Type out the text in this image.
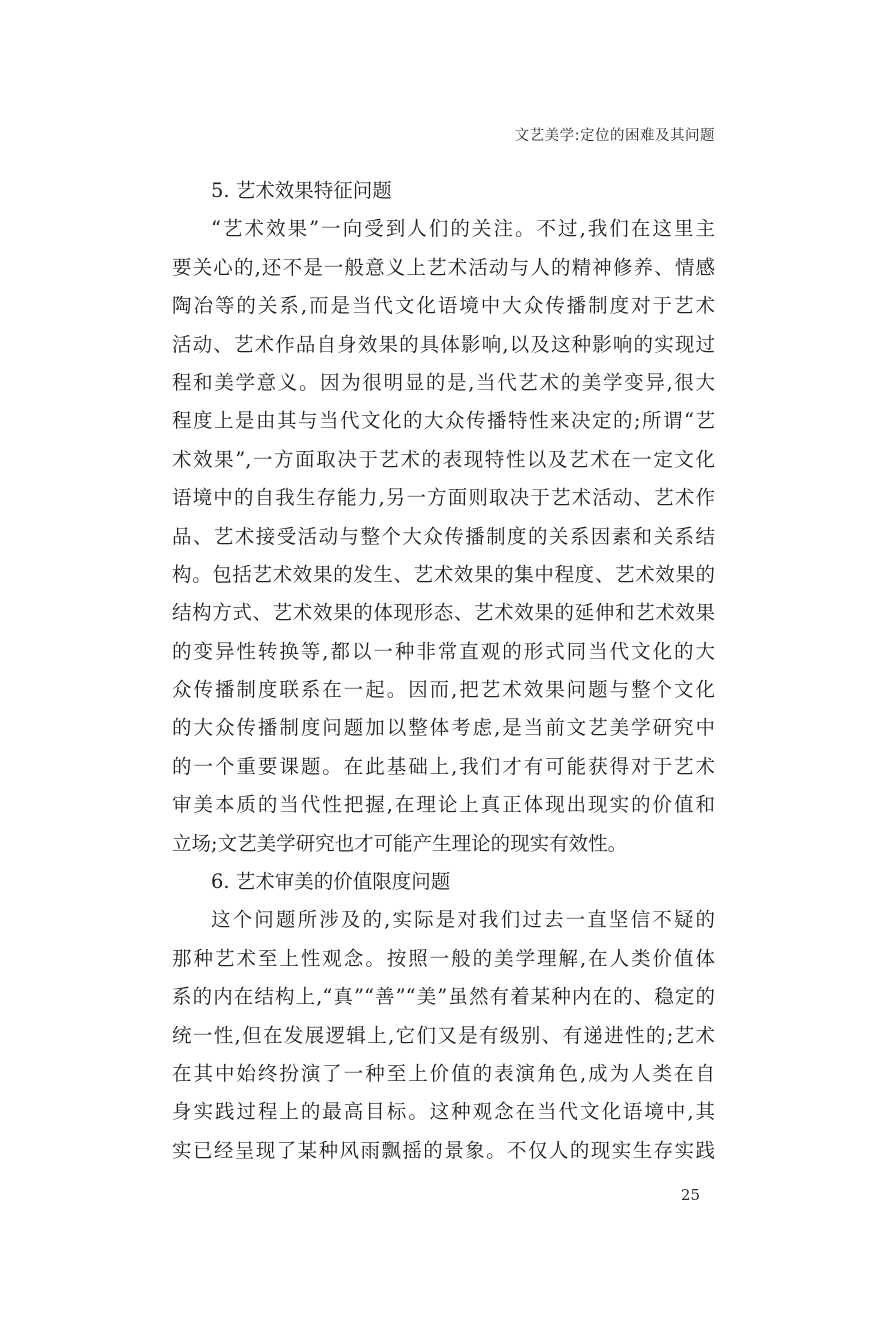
文艺美学:定位的困难及其问题
5. 艺术效果特征问题
“艺术效果”一向受到人们的关注。不过,我们在这里主
要关心的,还不是一般意义上艺术活动与人的精神修养、情感
陶冶等的关系,而是当代文化语境中大众传播制度对于艺术
活动、艺术作品自身效果的具体影响,以及这种影响的实现过
程和美学意义。因为很明显的是,当代艺术的美学变异,很大
程度上是由其与当代文化的大众传播特性来决定的;所谓“艺
术效果”,一方面取决于艺术的表现特性以及艺术在一定文化
语境中的自我生存能力,另一方面则取决于艺术活动、艺术作
品、艺术接受活动与整个大众传播制度的关系因素和关系结
构。包括艺术效果的发生、艺术效果的集中程度、艺术效果的
结构方式、艺术效果的体现形态、艺术效果的延伸和艺术效果
的变异性转换等,都以一种非常直观的形式同当代文化的大
众传播制度联系在一起。因而,把艺术效果问题与整个文化
的大众传播制度问题加以整体考虑,是当前文艺美学研究中
的一个重要课题。在此基础上,我们才有可能获得对于艺术
审美本质的当代性把握,在理论上真正体现出现实的价值和
立场;文艺美学研究也才可能产生理论的现实有效性。
6. 艺术审美的价值限度问题
这个问题所涉及的,实际是对我们过去一直坚信不疑的
那种艺术至上性观念。按照一般的美学理解,在人类价值体
系的内在结构上,“真”“善”“美”虽然有着某种内在的、稳定的
统一性,但在发展逻辑上,它们又是有级别、有递进性的;艺术
在其中始终扮演了一种至上价值的表演角色,成为人类在自
身实践过程上的最高目标。这种观念在当代文化语境中,其
实已经呈现了某种风雨飘摇的景象。不仅人的现实生存实践
25
